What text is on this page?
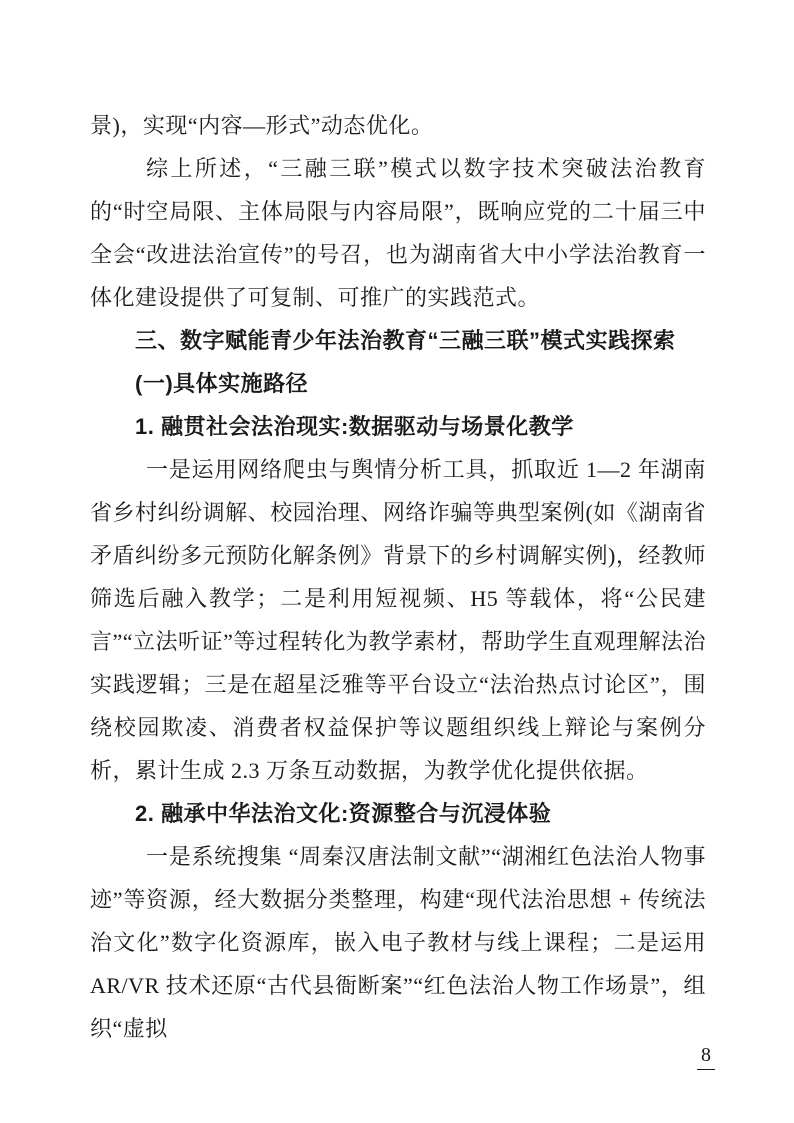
景)，实现“内容—形式”动态优化。
综上所述，“三融三联”模式以数字技术突破法治教育的“时空局限、主体局限与内容局限”，既响应党的二十届三中全会“改进法治宣传”的号召，也为湖南省大中小学法治教育一体化建设提供了可复制、可推广的实践范式。
三、数字赋能青少年法治教育“三融三联”模式实践探索
(一)具体实施路径
1. 融贯社会法治现实:数据驱动与场景化教学
一是运用网络爬虫与舆情分析工具，抓取近 1—2 年湖南省乡村纠纷调解、校园治理、网络诈骗等典型案例(如《湖南省矛盾纠纷多元预防化解条例》背景下的乡村调解实例)，经教师筛选后融入教学；二是利用短视频、H5 等载体，将“公民建言”“立法听证”等过程转化为教学素材，帮助学生直观理解法治实践逻辑；三是在超星泛雅等平台设立“法治热点讨论区”，围绕校园欺凌、消费者权益保护等议题组织线上辩论与案例分析，累计生成 2.3 万条互动数据，为教学优化提供依据。
2. 融承中华法治文化:资源整合与沉浸体验
一是系统搜集 “周秦汉唐法制文献”“湖湘红色法治人物事迹”等资源，经大数据分类整理，构建“现代法治思想 + 传统法治文化”数字化资源库，嵌入电子教材与线上课程；二是运用 AR/VR 技术还原“古代县衙断案”“红色法治人物工作场景”，组织“虚拟
8
